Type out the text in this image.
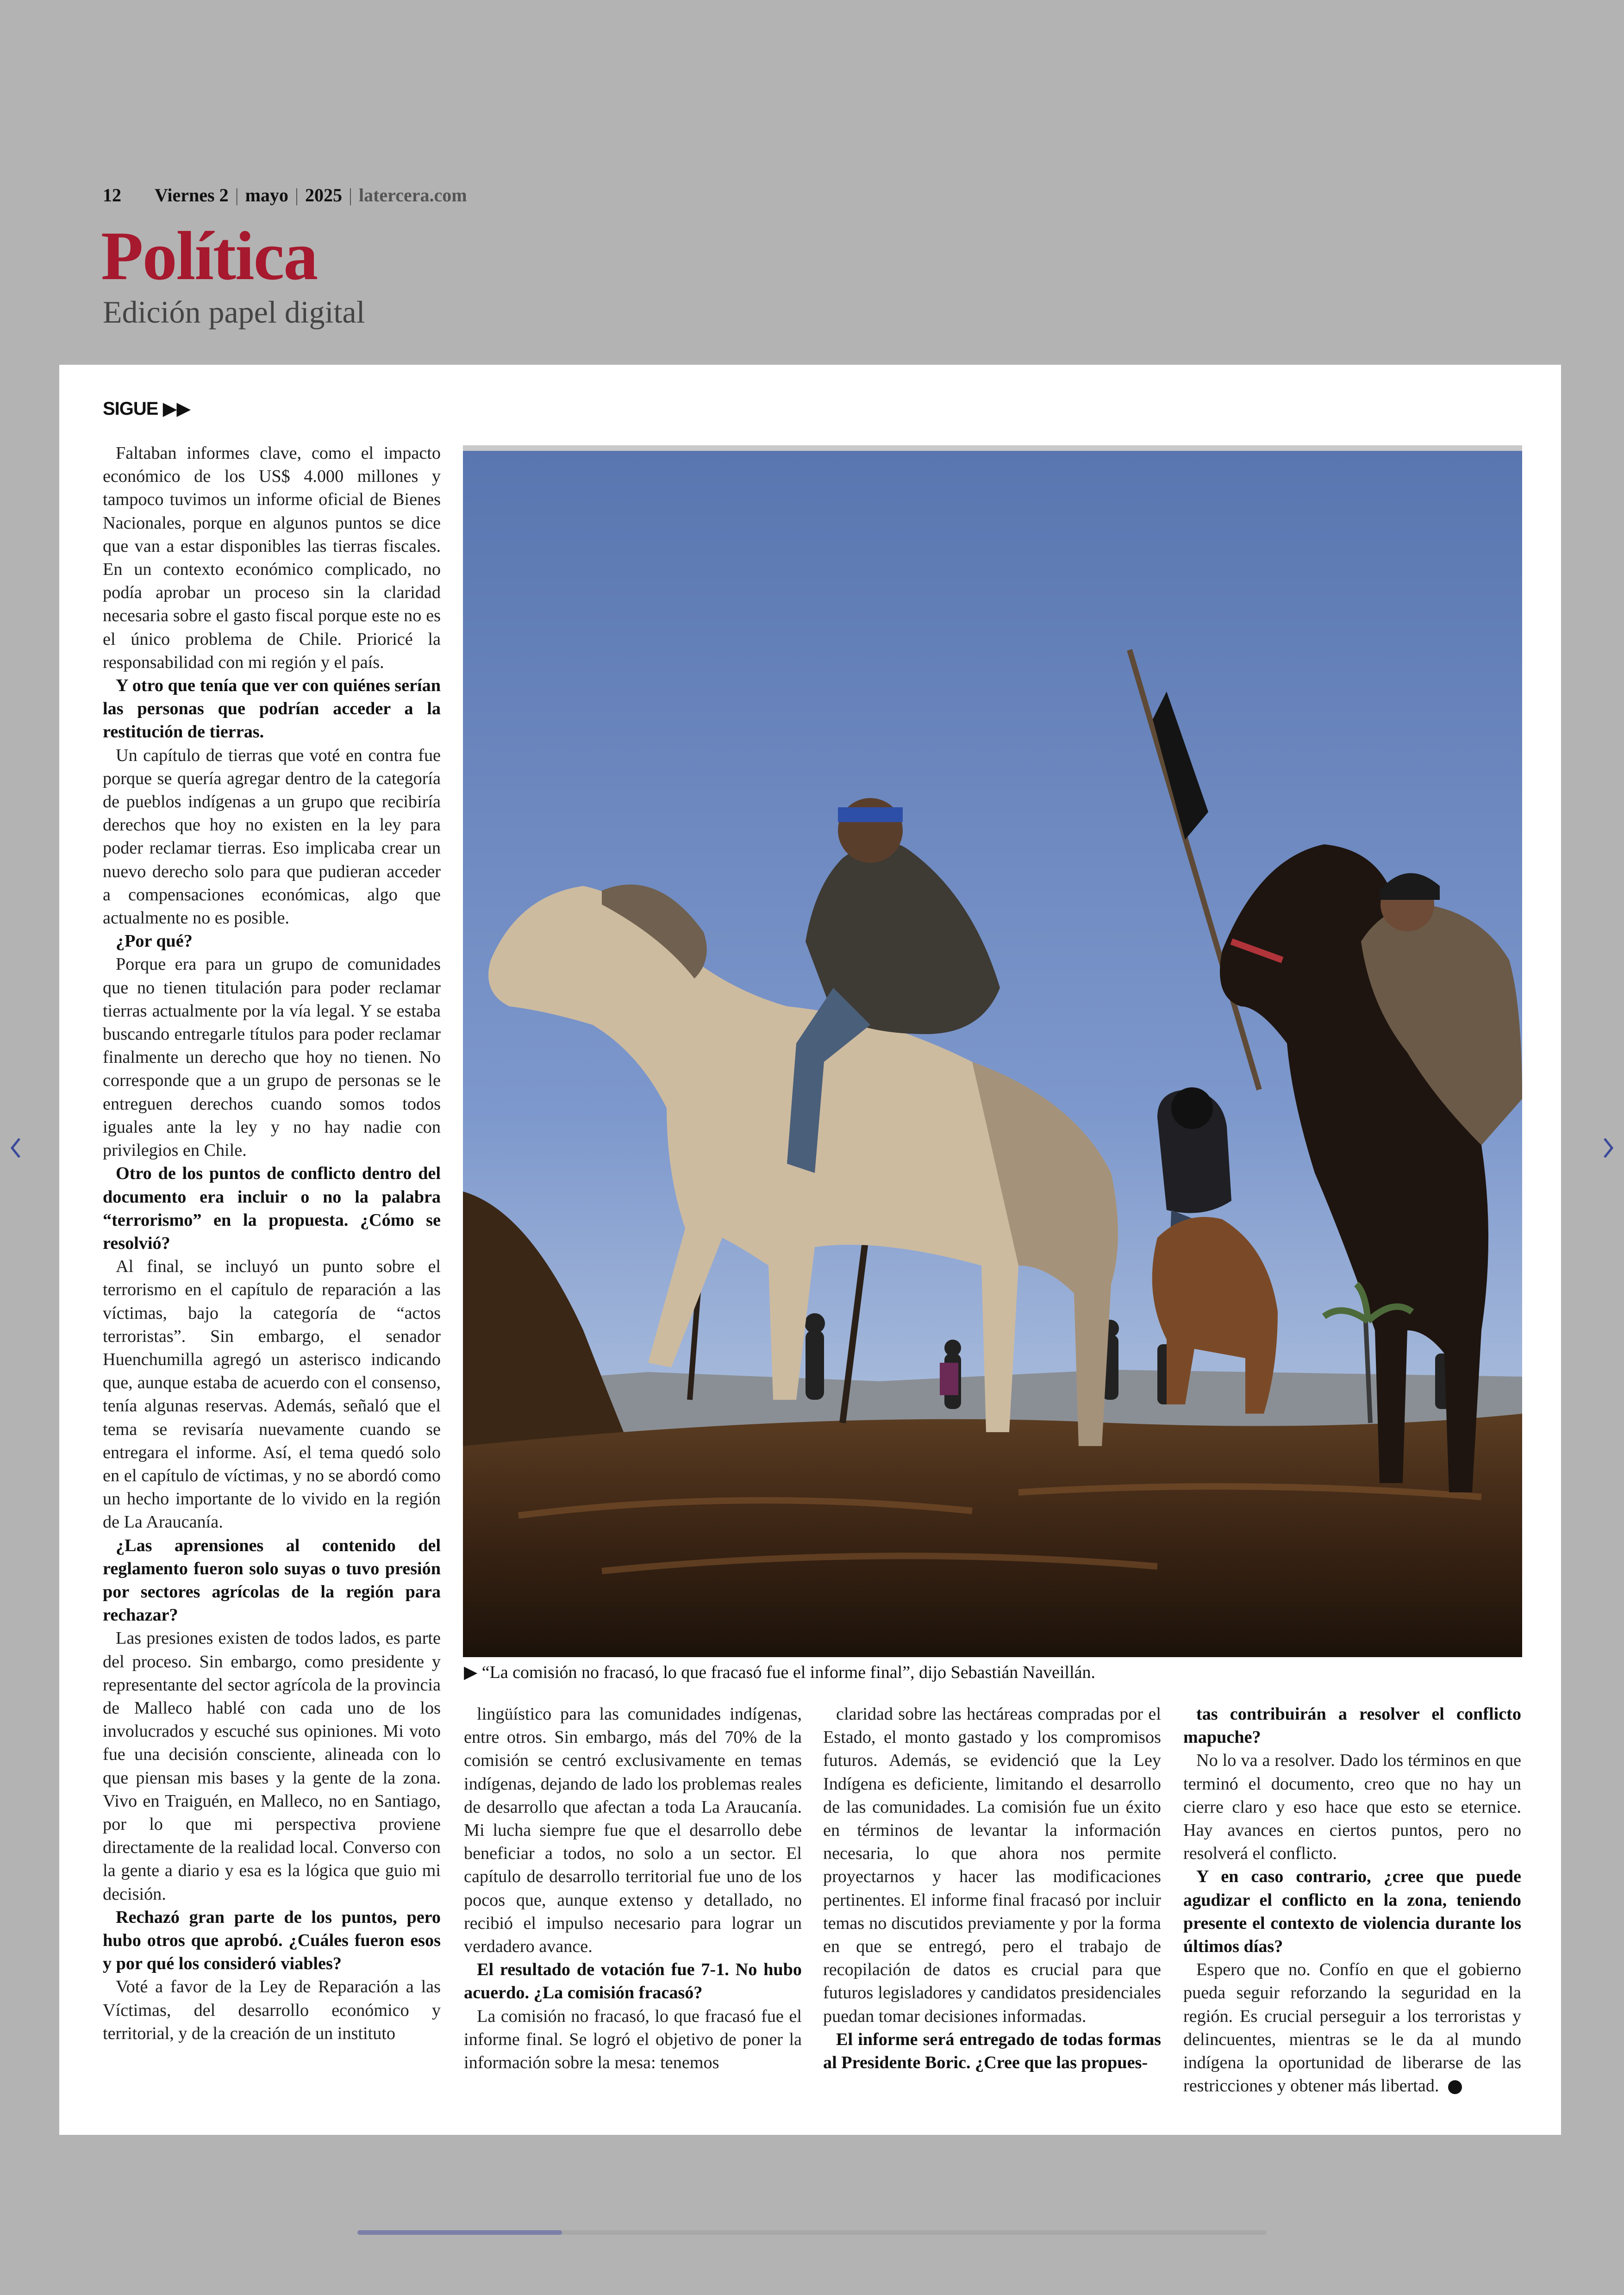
12 Viernes 2 | mayo | 2025 | latercera.com
Política
Edición papel digital
SIGUE ▶▶

Faltaban informes clave, como el impacto económico de los US$ 4.000 millones y tampoco tuvimos un informe oficial de Bienes Nacionales, porque en algunos puntos se dice que van a estar disponibles las tierras fiscales. En un contexto económico complicado, no podía aprobar un proceso sin la claridad necesaria sobre el gasto fiscal porque este no es el único problema de Chile. Prioricé la responsabilidad con mi región y el país.

Y otro que tenía que ver con quiénes serían las personas que podrían acceder a la restitución de tierras.

Un capítulo de tierras que voté en contra fue porque se quería agregar dentro de la categoría de pueblos indígenas a un grupo que recibiría derechos que hoy no existen en la ley para poder reclamar tierras. Eso implicaba crear un nuevo derecho solo para que pudieran acceder a compensaciones económicas, algo que actualmente no es posible.

¿Por qué?

Porque era para un grupo de comunidades que no tienen titulación para poder reclamar tierras actualmente por la vía legal. Y se estaba buscando entregarle títulos para poder reclamar finalmente un derecho que hoy no tienen. No corresponde que a un grupo de personas se le entreguen derechos cuando somos todos iguales ante la ley y no hay nadie con privilegios en Chile.

Otro de los puntos de conflicto dentro del documento era incluir o no la palabra “terrorismo” en la propuesta. ¿Cómo se resolvió?

Al final, se incluyó un punto sobre el terrorismo en el capítulo de reparación a las víctimas, bajo la categoría de “actos terroristas”. Sin embargo, el senador Huenchumilla agregó un asterisco indicando que, aunque estaba de acuerdo con el consenso, tenía algunas reservas. Además, señaló que el tema se revisaría nuevamente cuando se entregara el informe. Así, el tema quedó solo en el capítulo de víctimas, y no se abordó como un hecho importante de lo vivido en la región de La Araucanía.

¿Las aprensiones al contenido del reglamento fueron solo suyas o tuvo presión por sectores agrícolas de la región para rechazar?

Las presiones existen de todos lados, es parte del proceso. Sin embargo, como presidente y representante del sector agrícola de la provincia de Malleco hablé con cada uno de los involucrados y escuché sus opiniones. Mi voto fue una decisión consciente, alineada con lo que piensan mis bases y la gente de la zona. Vivo en Traiguén, en Malleco, no en Santiago, por lo que mi perspectiva proviene directamente de la realidad local. Converso con la gente a diario y esa es la lógica que guio mi decisión.

Rechazó gran parte de los puntos, pero hubo otros que aprobó. ¿Cuáles fueron esos y por qué los consideró viables?

Voté a favor de la Ley de Reparación a las Víctimas, del desarrollo económico y territorial, y de la creación de un instituto

▶ “La comisión no fracasó, lo que fracasó fue el informe final”, dijo Sebastián Naveillán.

lingüístico para las comunidades indígenas, entre otros. Sin embargo, más del 70% de la comisión se centró exclusivamente en temas indígenas, dejando de lado los problemas reales de desarrollo que afectan a toda La Araucanía. Mi lucha siempre fue que el desarrollo debe beneficiar a todos, no solo a un sector. El capítulo de desarrollo territorial fue uno de los pocos que, aunque extenso y detallado, no recibió el impulso necesario para lograr un verdadero avance.

El resultado de votación fue 7-1. No hubo acuerdo. ¿La comisión fracasó?

La comisión no fracasó, lo que fracasó fue el informe final. Se logró el objetivo de poner la información sobre la mesa: tenemos

claridad sobre las hectáreas compradas por el Estado, el monto gastado y los compromisos futuros. Además, se evidenció que la Ley Indígena es deficiente, limitando el desarrollo de las comunidades. La comisión fue un éxito en términos de levantar la información necesaria, lo que ahora nos permite proyectarnos y hacer las modificaciones pertinentes. El informe final fracasó por incluir temas no discutidos previamente y por la forma en que se entregó, pero el trabajo de recopilación de datos es crucial para que futuros legisladores y candidatos presidenciales puedan tomar decisiones informadas.

El informe será entregado de todas formas al Presidente Boric. ¿Cree que las propues-

tas contribuirán a resolver el conflicto mapuche?

No lo va a resolver. Dado los términos en que terminó el documento, creo que no hay un cierre claro y eso hace que esto se eternice. Hay avances en ciertos puntos, pero no resolverá el conflicto.

Y en caso contrario, ¿cree que puede agudizar el conflicto en la zona, teniendo presente el contexto de violencia durante los últimos días?

Espero que no. Confío en que el gobierno pueda seguir reforzando la seguridad en la región. Es crucial perseguir a los terroristas y delincuentes, mientras se le da al mundo indígena la oportunidad de liberarse de las restricciones y obtener más libertad.
